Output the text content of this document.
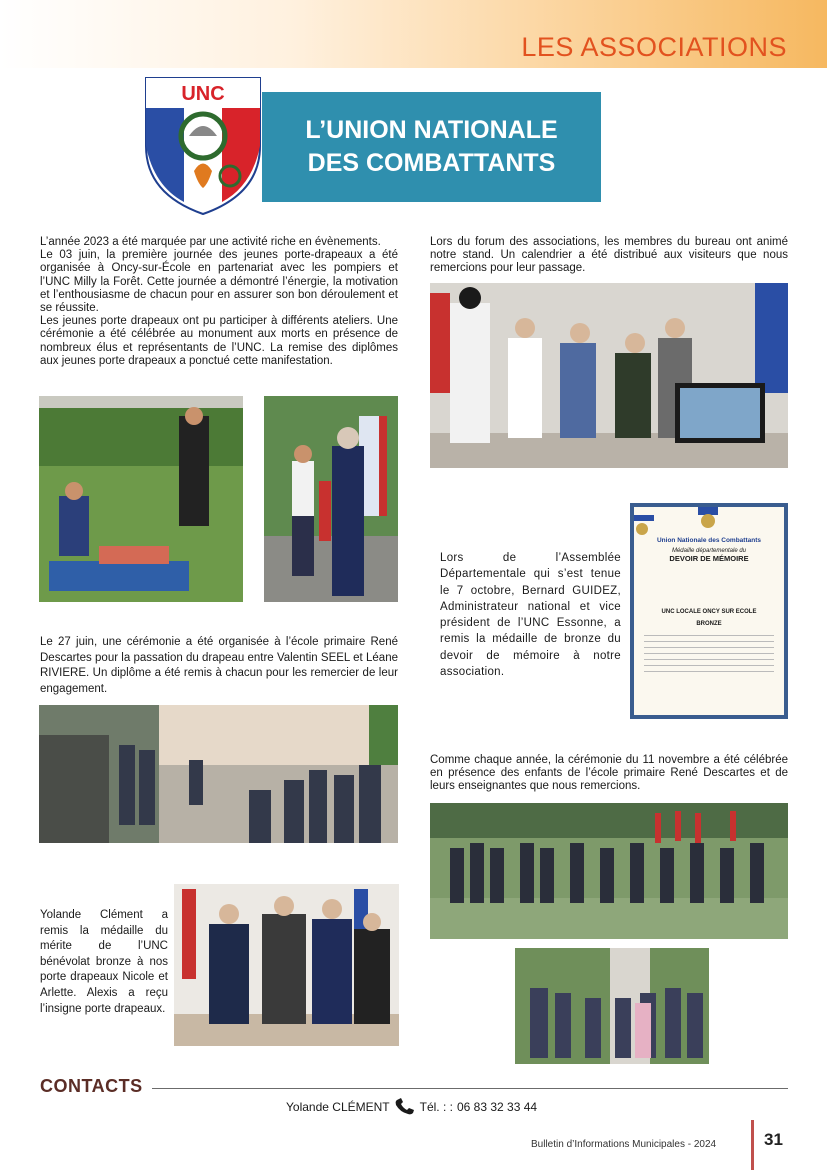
LES ASSOCIATIONS
UNC
L’UNION NATIONALE
DES COMBATTANTS

L’année 2023 a été marquée par une activité riche en évènements.

Le 03 juin, la première journée des jeunes porte-drapeaux a été organisée à Oncy-sur-École en partenariat avec les pompiers et l’UNC Milly la Forêt. Cette journée a démontré l’énergie, la motivation et l’enthousiasme de chacun pour en assurer son bon déroulement et se réussite.

Les jeunes porte drapeaux ont pu participer à différents ateliers. Une cérémonie a été célébrée au monument aux morts en présence de nombreux élus et représentants de l’UNC. La remise des diplômes aux jeunes porte drapeaux a ponctué cette manifestation.

Le 27 juin, une cérémonie a été organisée à l’école primaire René Descartes pour la passation du drapeau entre Valentin SEEL et Léane RIVIERE. Un diplôme a été remis à chacun pour les remercier de leur engagement.
Yolande Clément a remis la médaille du mérite de l’UNC bénévolat bronze à nos porte drapeaux Nicole et Arlette. Alexis a reçu l’insigne porte drapeaux.
Lors du forum des associations, les membres du bureau ont animé notre stand. Un calendrier a été distribué aux visiteurs que nous remercions pour leur passage.
Lors de l’Assemblée Départementale qui s’est tenue le 7 octobre, Bernard GUIDEZ, Administrateur national et vice président de l’UNC Essonne, a remis la médaille de bronze du devoir de mémoire à notre association.
Union Nationale des Combattants
Médaille départementale du
DEVOIR DE MÉMOIRE
UNC LOCALE ONCY SUR ECOLE
BRONZE
Comme chaque année, la cérémonie du 11 novembre a été célébrée en présence des enfants de l’école primaire René Descartes et de leurs enseignantes que nous remercions.
CONTACTS
Yolande CLÉMENT	Tél. : : 06 83 32 33 44
Bulletin d’Informations Municipales - 2024	31
